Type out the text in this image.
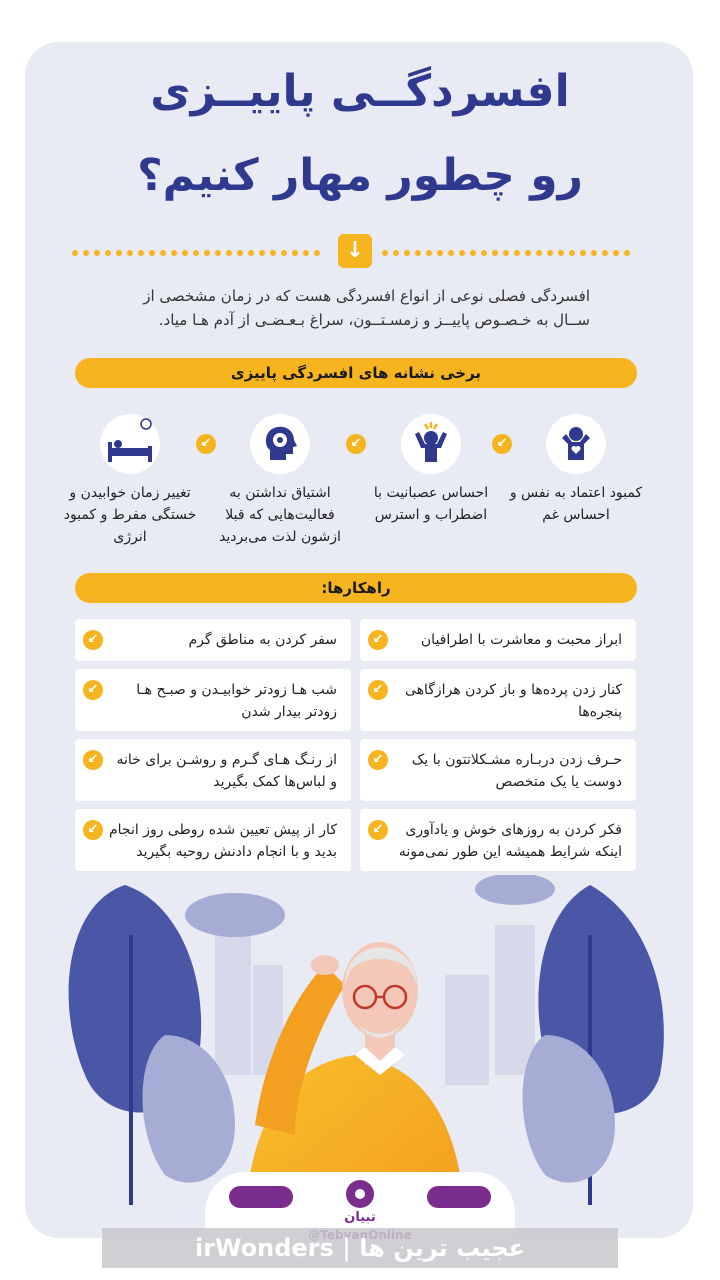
افسردگــی پاییــزی
رو چطور مهار کنیم؟
↓
افسردگی فصلی نوعی از انواع افسردگی هست که در زمان مشخصی از ســال به خـصـوص پاییــز و زمسـتــون، سراغ بـعـضـی از آدم هـا میاد.
برخی نشانه های افسردگی پاییزی
↙
↙
↙
کمبود اعتماد به نفس و احساس غم
احساس عصبانیت با اضطراب و استرس
اشتیاق نداشتن به فعالیت‌هایی که قبلا ازشون لذت می‌بردید
تغییر زمان خوابیدن و خستگی مفرط و کمبود انرژی
راهکارها:
ابراز محبت و معاشرت با اطرافیان
↙
کنار زدن پرده‌ها و باز کردن هرازگاهی پنجره‌ها
↙
حـرف زدن دربـاره مشـکلاتتون با یک دوست یا یک متخصص
↙
فکر کردن به روزهای خوش و یادآوری اینکه شرایط همیشه این طور نمی‌مونه
↙
سفر کردن به مناطق گرم
↙
شب هـا زودتر خوابیـدن و صبـح هـا زودتر بیدار شدن
↙
از رنـگ هـای گـرم و روشـن برای خانه و لباس‌ها کمک بگیرید
↙
کار از پیش تعیین شده روطی روز انجام بدید و با انجام دادنش روحیه بگیرید
↙
تبیان
irWonders | عجیب ترین ها
